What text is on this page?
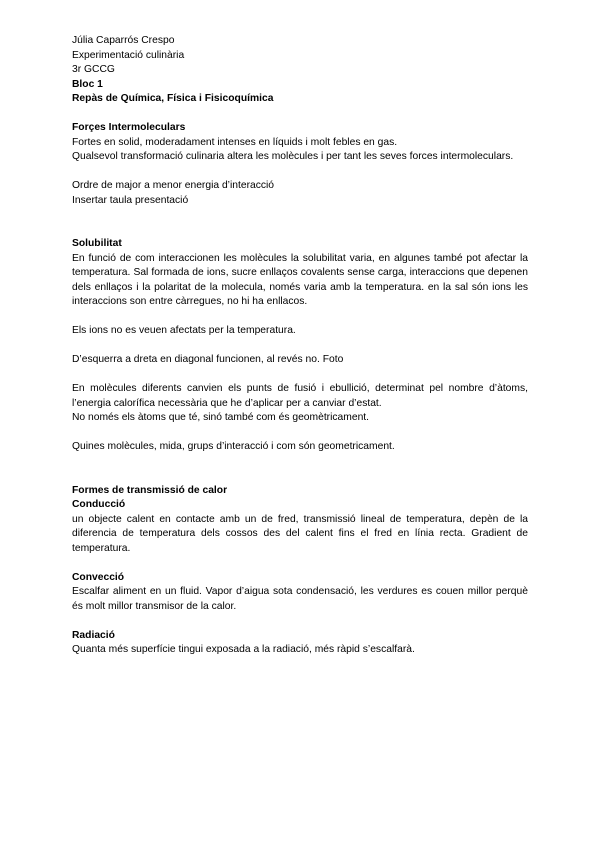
Júlia Caparrós Crespo

Experimentació culinària

3r GCCG

Bloc 1

Repàs de Química, Física i Fisicoquímica

Forçes Intermoleculars

Fortes en solid, moderadament intenses en líquids i molt febles en gas.

Qualsevol transformació culinaria altera les molècules i per tant les seves forces intermoleculars.

Ordre de major a menor energia d’interacció

Insertar taula presentació

Solubilitat

En funció de com interaccionen les molècules la solubilitat varia, en algunes també pot afectar la temperatura. Sal formada de ions, sucre enllaços covalents sense carga, interaccions que depenen dels enllaços i la polaritat de la molecula, només varia amb la temperatura. en la sal són ions les interaccions son entre càrregues, no hi ha enllacos.

Els ions no es veuen afectats per la temperatura.

D’esquerra a dreta en diagonal funcionen, al revés no. Foto

En molècules diferents canvien els punts de fusió i ebullició, determinat pel nombre d’àtoms, l’energia calorífica necessària que he d’aplicar per a canviar d’estat.

No només els àtoms que té, sinó també com és geomètricament.

Quines molècules, mida, grups d’interacció i com són geometricament.

Formes de transmissió de calor

Conducció

un objecte calent en contacte amb un de fred, transmissió lineal de temperatura, depèn de la diferencia de temperatura dels cossos des del calent fins el fred en línia recta. Gradient de temperatura.

Convecció

Escalfar aliment en un fluid. Vapor d’aigua sota condensació, les verdures es couen millor perquè és molt millor transmisor de la calor.

Radiació

Quanta més superfície tingui exposada a la radiació, més ràpid s’escalfarà.
